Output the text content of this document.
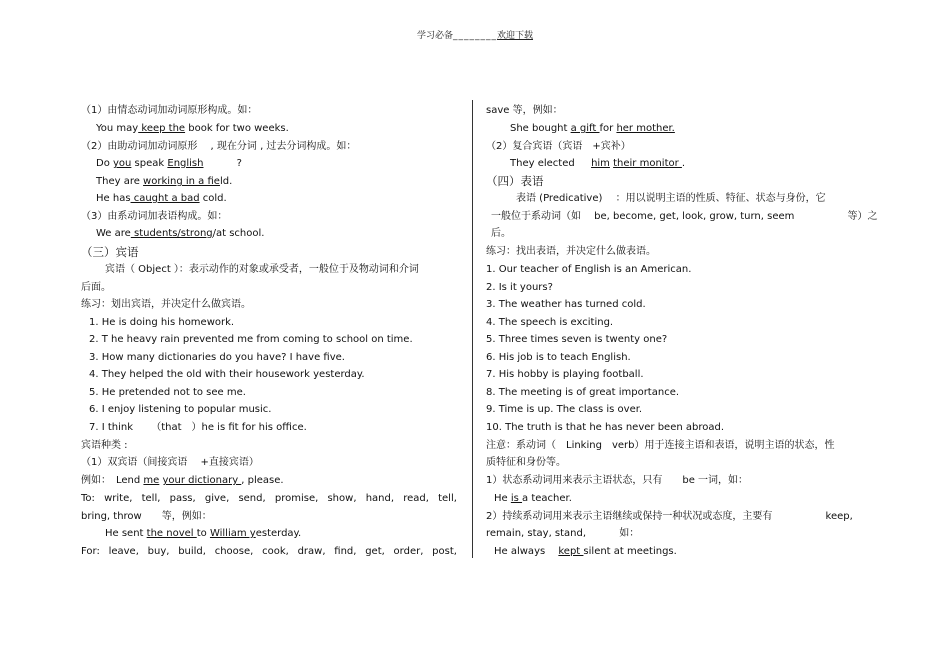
学习必备________欢迎下载
（1）由情态动词加动词原形构成。如：
You may keep the book for two weeks.
（2）由助动词加动词原形　 , 现在分词 , 过去分词构成。如：
Do you speak English　　　 ?
They are working in a field.
He has caught a bad cold.
（3）由系动词加表语构成。如：
We are students/strong/at school.
（三）宾语
宾语（ Object ）：表示动作的对象或承受者，一般位于及物动词和介词
后面。
练习：划出宾语，并决定什么做宾语。
1. He is doing his homework.
2. T he heavy rain prevented me from coming to school on time.
3. How many dictionaries do you have? I have five.
4. They helped the old with their housework yesterday.
5. He pretended not to see me.
6. I enjoy listening to popular music.
7. I think 　　（that　）he is fit for his office.
宾语种类 :
（1）双宾语（间接宾语　 +直接宾语）
例如：　Lend me your dictionary , please.
To: write, tell, pass, give, send, promise, show, hand, read, tell,
bring, throw　　等，例如：
He sent the novel to William yesterday.
For: leave, buy, build, choose, cook, draw, find, get, order, post,
save 等，例如：
She bought a gift for her mother.
（2）复合宾语（宾语　+宾补）
They elected 　 him their monitor .
（四）表语
表语 (Predicative)　 ：用以说明主语的性质、特征、状态与身份，它
一般位于系动词（如　 be, become, get, look, grow, turn, seem　　　　　 等）之
后。
练习：找出表语，并决定什么做表语。
1. Our teacher of English is an American.
2. Is it yours?
3. The weather has turned cold.
4. The speech is exciting.
5. Three times seven is twenty one?
6. His job is to teach English.
7. His hobby is playing football.
8. The meeting is of great importance.
9. Time is up. The class is over.
10. The truth is that he has never been abroad.
注意：系动词（　Linking　verb）用于连接主语和表语，说明主语的状态，性
质特征和身份等。
1）状态系动词用来表示主语状态，只有　　be 一词，如：
He is a teacher.
2）持续系动词用来表示主语继续或保持一种状况或态度，主要有　　　　　 keep,
remain, stay, stand,　　　 如：
He always　 kept silent at meetings.
